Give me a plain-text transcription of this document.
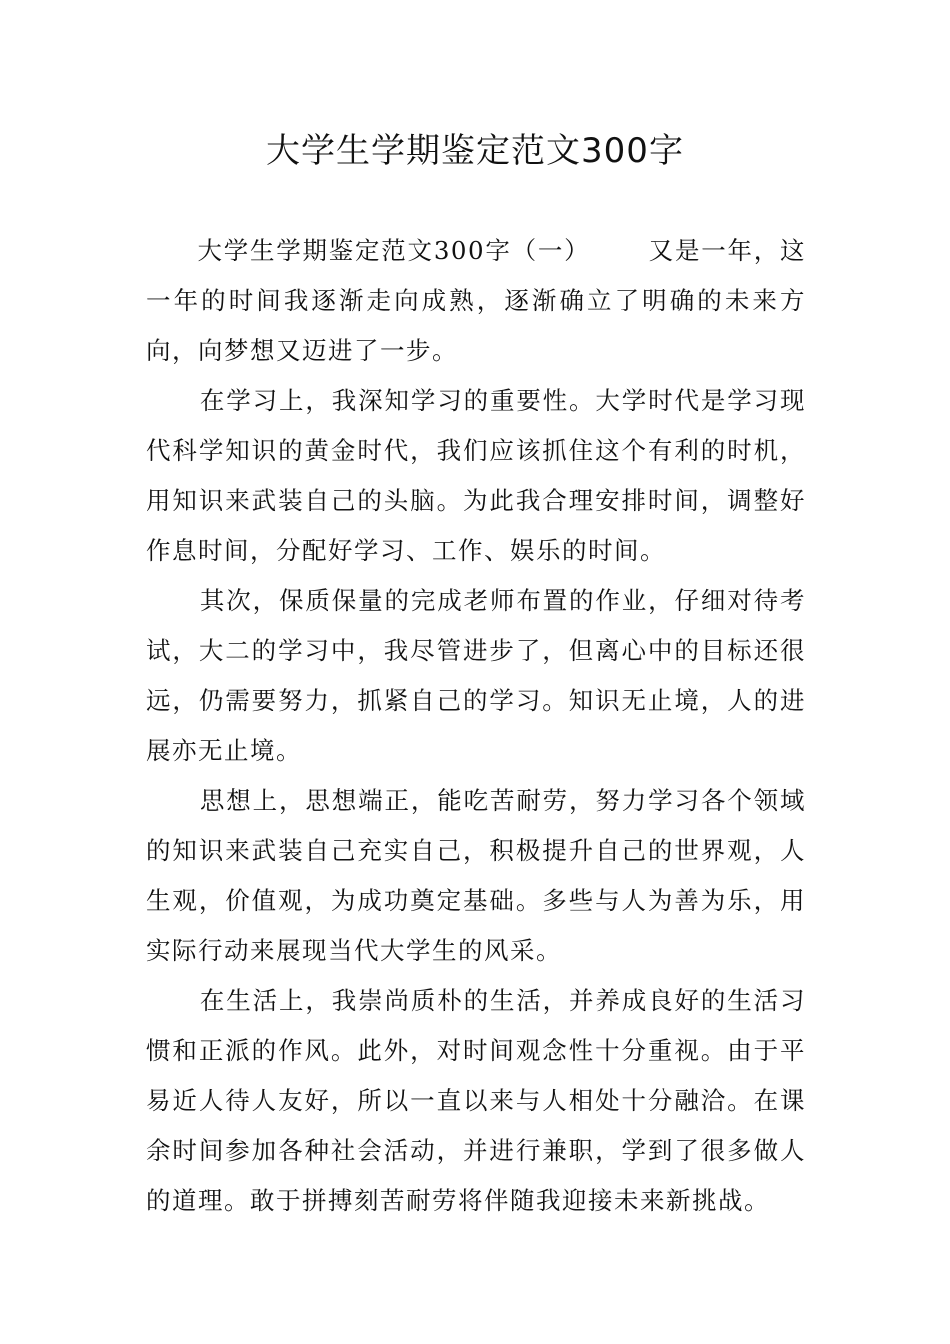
大学生学期鉴定范文300字

大学生学期鉴定范文300字（一） 又是一年，这一年的时间我逐渐走向成熟，逐渐确立了明确的未来方向，向梦想又迈进了一步。

在学习上，我深知学习的重要性。大学时代是学习现代科学知识的黄金时代，我们应该抓住这个有利的时机，用知识来武装自己的头脑。为此我合理安排时间，调整好作息时间，分配好学习、工作、娱乐的时间。

其次，保质保量的完成老师布置的作业，仔细对待考试，大二的学习中，我尽管进步了，但离心中的目标还很远，仍需要努力，抓紧自己的学习。知识无止境，人的进展亦无止境。

思想上，思想端正，能吃苦耐劳，努力学习各个领域的知识来武装自己充实自己，积极提升自己的世界观，人生观，价值观，为成功奠定基础。多些与人为善为乐，用实际行动来展现当代大学生的风采。

在生活上，我崇尚质朴的生活，并养成良好的生活习惯和正派的作风。此外，对时间观念性十分重视。由于平易近人待人友好，所以一直以来与人相处十分融洽。在课余时间参加各种社会活动，并进行兼职，学到了很多做人的道理。敢于拼搏刻苦耐劳将伴随我迎接未来新挑战。
